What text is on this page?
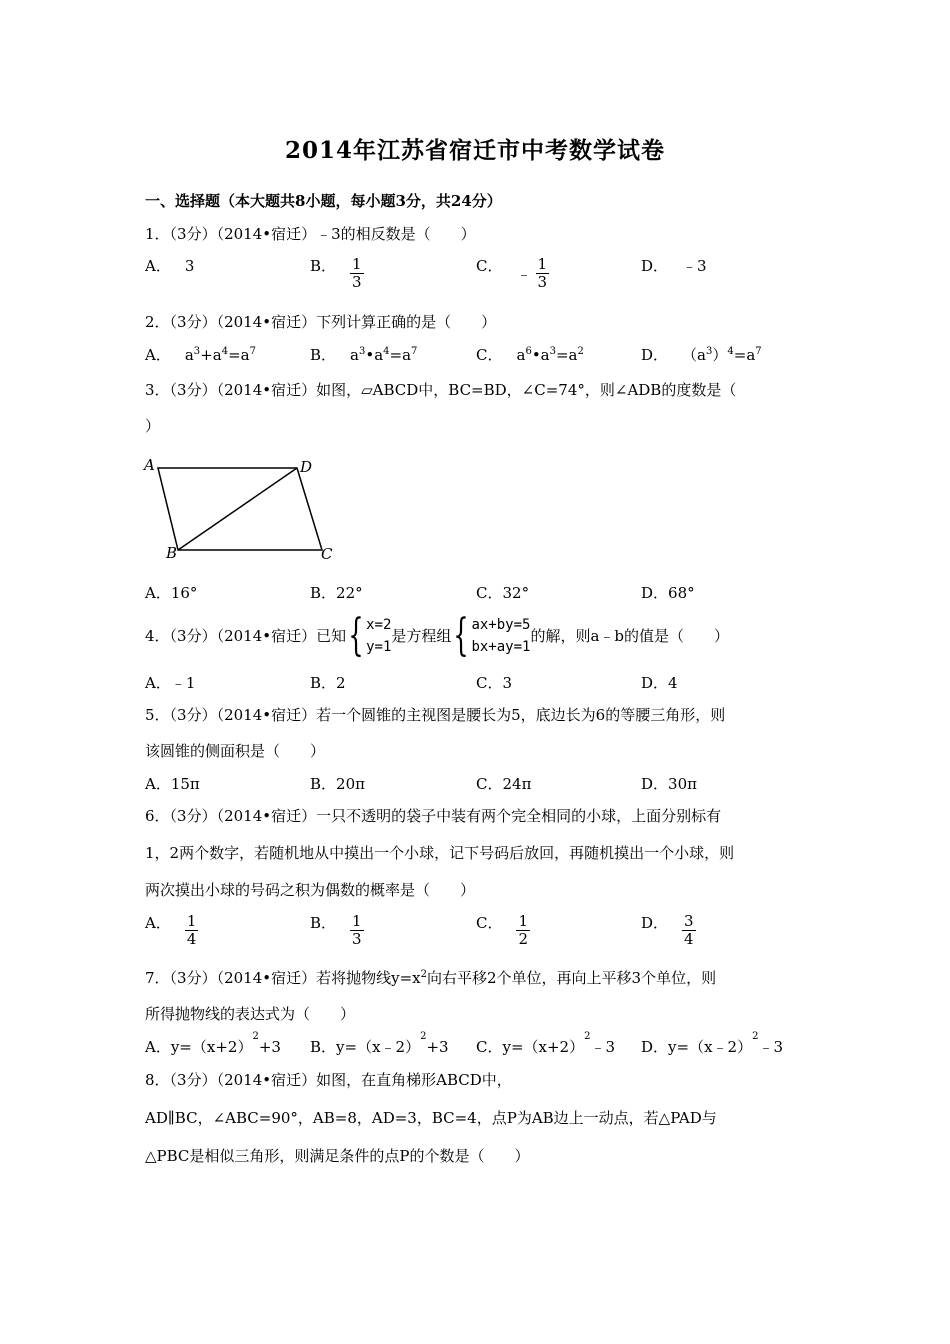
2014年江苏省宿迁市中考数学试卷
一、选择题（本大题共8小题，每小题3分，共24分）
1．（3分）（2014•宿迁）﹣3的相反数是（　　）
A． 3	B． $\frac{1}{3}$	C． ﹣ $\frac{1}{3}$	D． ﹣3
2．（3分）（2014•宿迁）下列计算正确的是（　　）
A． $a^3+a^4=a^7$	B． $a^3•a^4=a^7$	C． $a^6•a^3=a^2$	D． $(a^3)^4=a^7$
3．（3分）（2014•宿迁）如图，▱ABCD中，BC=BD，∠C=74°，则∠ADB的度数是（
）
A	D
B	C
A．16°	B．22°	C．32°	D．68°
4．（3分）（2014•宿迁）已知 { x=2
y=1
是方程组 { ax+by=5
bx+ay=1
的解，则a﹣b的值是（　　）
A．﹣1	B．2	C．3	D．4
5．（3分）（2014•宿迁）若一个圆锥的主视图是腰长为5，底边长为6的等腰三角形，则
该圆锥的侧面积是（　　）
A．15π	B．20π	C．24π	D．30π
6．（3分）（2014•宿迁）一只不透明的袋子中装有两个完全相同的小球，上面分别标有
1，2两个数字，若随机地从中摸出一个小球，记下号码后放回，再随机摸出一个小球，则
两次摸出小球的号码之积为偶数的概率是（　　）
A． $\frac{1}{4}$	B． $\frac{1}{3}$	C． $\frac{1}{2}$	D． $\frac{3}{4}$
7．（3分）（2014•宿迁）若将抛物线$y=x^2$向右平移2个单位，再向上平移3个单位，则
所得抛物线的表达式为（　　）
A．y=（x+2）
2
+3 B．y=（x﹣2）
2
+3 C．y=（x+2）
2
﹣3 D．y=（x﹣2）
2
﹣3
8．（3分）（2014•宿迁）如图，在直角梯形ABCD中，
AD∥BC，∠ABC=90°，AB=8，AD=3，BC=4，点P为AB边上一动点，若△PAD与
△PBC是相似三角形，则满足条件的点P的个数是（　　）
